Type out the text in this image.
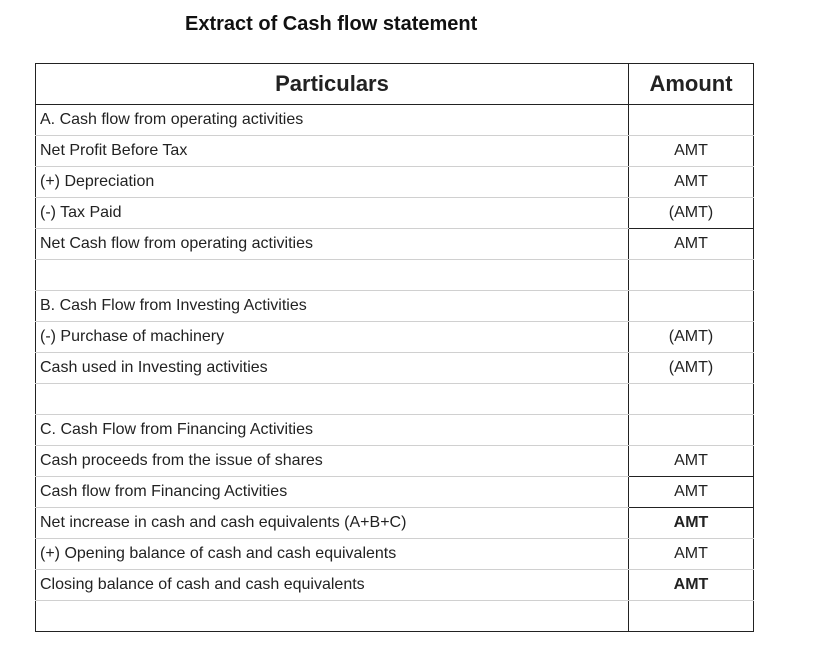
Extract of Cash flow statement
Particulars	Amount
A. Cash flow from operating activities	
Net Profit Before Tax	AMT
(+) Depreciation	AMT
(-) Tax Paid	(AMT)
Net Cash flow from operating activities	AMT

B. Cash Flow from Investing Activities	
(-) Purchase of machinery	(AMT)
Cash used in Investing activities	(AMT)

C. Cash Flow from Financing Activities	
Cash proceeds from the issue of shares	AMT
Cash flow from Financing Activities	AMT
Net increase in cash and cash equivalents (A+B+C)	AMT
(+) Opening balance of cash and cash equivalents	AMT
Closing balance of cash and cash equivalents	AMT
